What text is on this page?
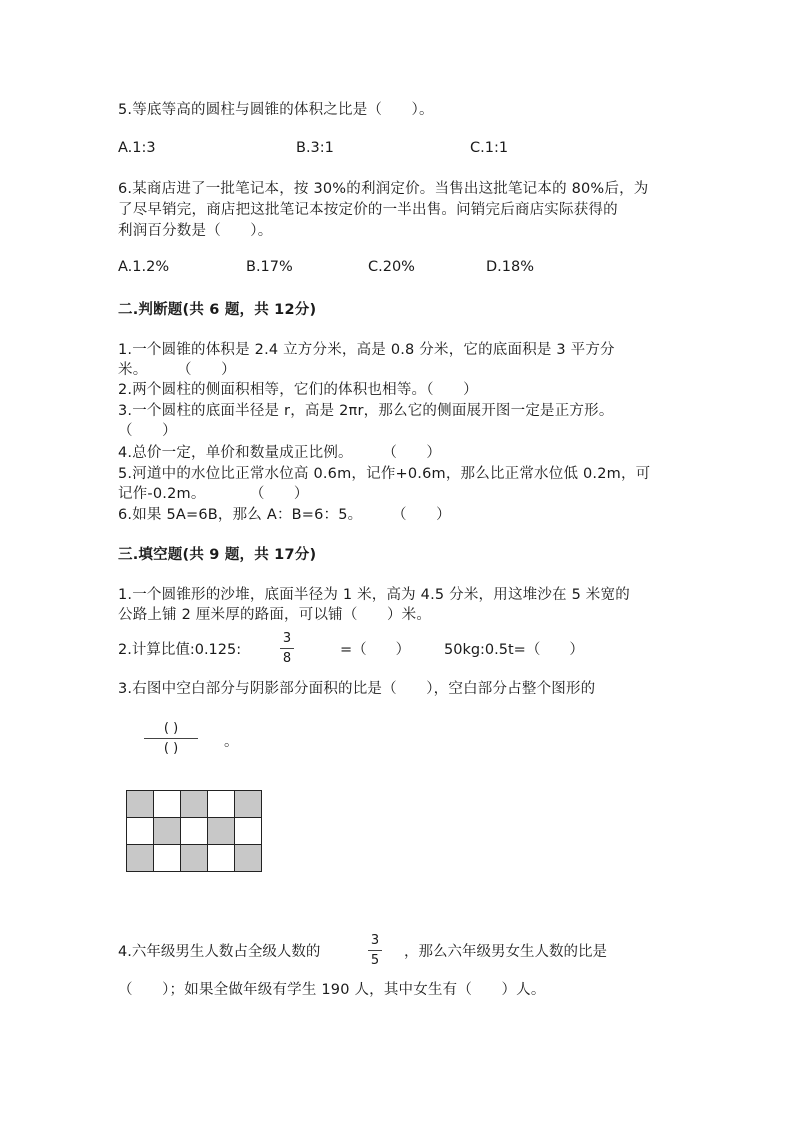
5.等底等高的圆柱与圆锥的体积之比是（　　）。
A.1:3	B.3:1	C.1:1
6.某商店进了一批笔记本，按 30%的利润定价。当售出这批笔记本的 80%后，为
了尽早销完，商店把这批笔记本按定价的一半出售。问销完后商店实际获得的
利润百分数是（　　）。
A.1.2%	B.17%	C.20%	D.18%
二.判断题(共 6 题，共 12分)
1.一个圆锥的体积是 2.4 立方分米，高是 0.8 分米，它的底面积是 3 平方分
米。　　　（　　）
2.两个圆柱的侧面积相等，它们的体积也相等。（　　）
3.一个圆柱的底面半径是 r，高是 2πr，那么它的侧面展开图一定是正方形。
（　　）
4.总价一定，单价和数量成正比例。　　　（　　）
5.河道中的水位比正常水位高 0.6m，记作+0.6m，那么比正常水位低 0.2m，可
记作-0.2m。　　　　（　　）
6.如果 5A=6B，那么 A：B=6：5。　　　（　　）
三.填空题(共 9 题，共 17分)
1.一个圆锥形的沙堆，底面半径为 1 米，高为 4.5 分米，用这堆沙在 5 米宽的
公路上铺 2 厘米厚的路面，可以铺（　　）米。
2.计算比值:0.125:
3
8
=（　　） 50kg:0.5t=（　　）
3.右图中空白部分与阴影部分面积的比是（　　），空白部分占整个图形的
( )
( )	。

4.六年级男生人数占全级人数的
3
5
，那么六年级男女生人数的比是
（　　）；如果全做年级有学生 190 人，其中女生有（　　）人。
